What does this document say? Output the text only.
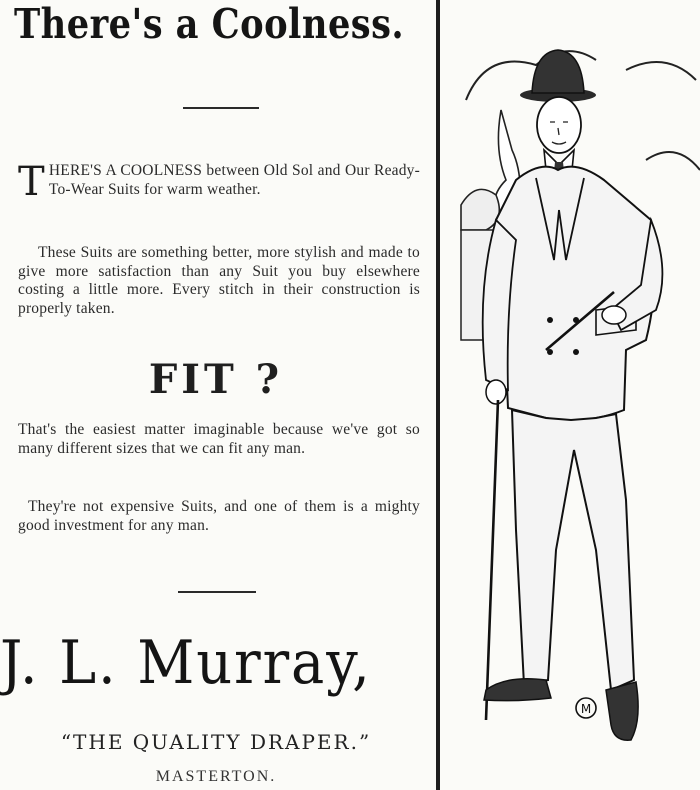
There's a Coolness.
THERE'S A COOLNESS between Old Sol and Our Ready-To-Wear Suits for warm weather.
These Suits are something better, more stylish and made to give more satisfaction than any Suit you buy elsewhere costing a little more. Every stitch in their construction is properly taken.
FIT ?
That's the easiest matter imaginable because we've got so many different sizes that we can fit any man.
They're not expensive Suits, and one of them is a mighty good investment for any man.
J. L. Murray,
“THE QUALITY DRAPER.”
MASTERTON.
M
